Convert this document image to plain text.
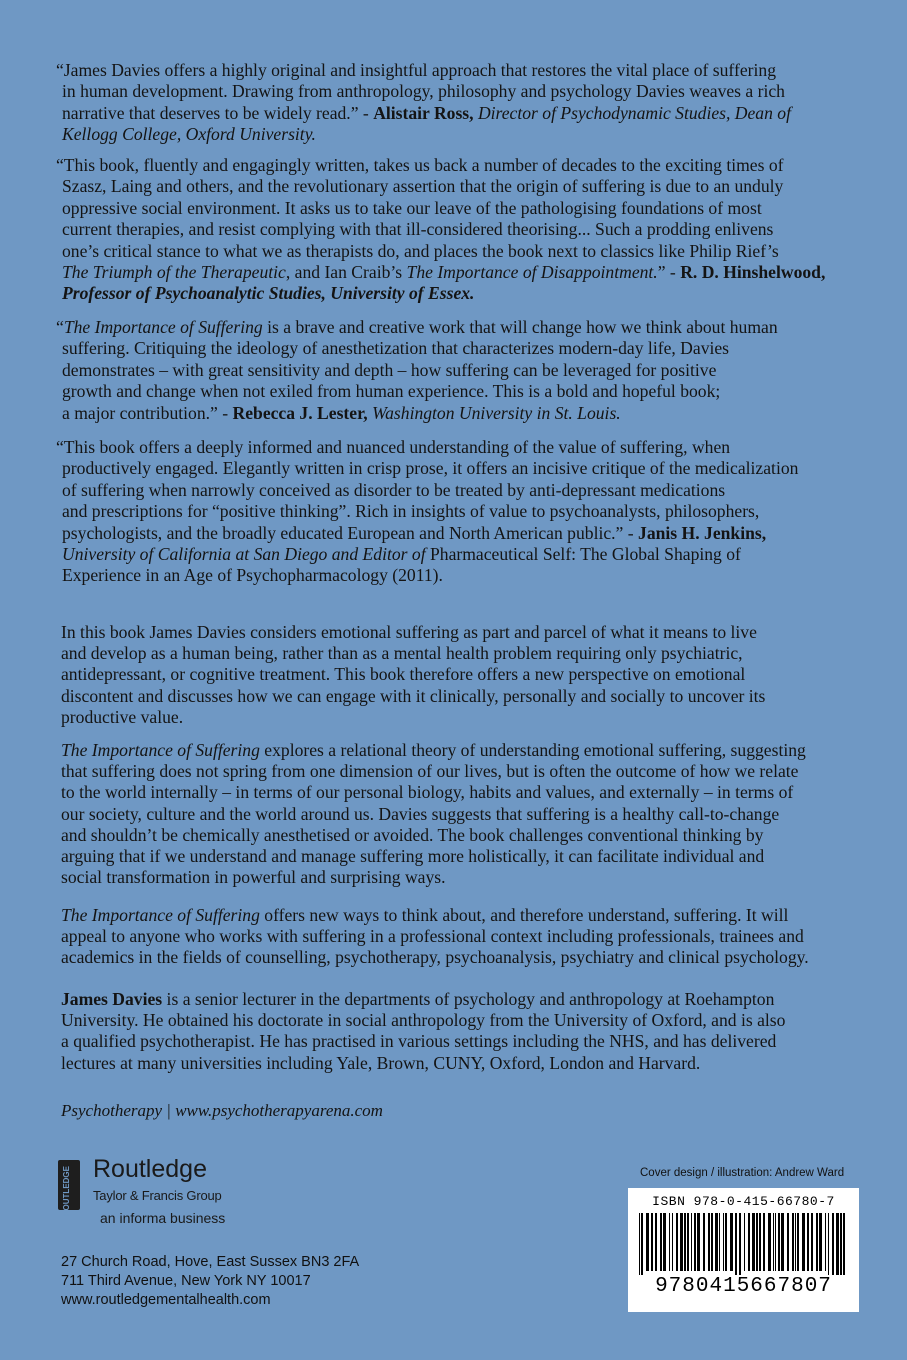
“James Davies offers a highly original and insightful approach that restores the vital place of suffering
in human development. Drawing from anthropology, philosophy and psychology Davies weaves a rich
narrative that deserves to be widely read.” - Alistair Ross, Director of Psychodynamic Studies, Dean of
Kellogg College, Oxford University.
“This book, fluently and engagingly written, takes us back a number of decades to the exciting times of
Szasz, Laing and others, and the revolutionary assertion that the origin of suffering is due to an unduly
oppressive social environment. It asks us to take our leave of the pathologising foundations of most
current therapies, and resist complying with that ill-considered theorising... Such a prodding enlivens
one’s critical stance to what we as therapists do, and places the book next to classics like Philip Rief’s
The Triumph of the Therapeutic, and Ian Craib’s The Importance of Disappointment.” - R. D. Hinshelwood,
Professor of Psychoanalytic Studies, University of Essex.
“The Importance of Suffering is a brave and creative work that will change how we think about human
suffering. Critiquing the ideology of anesthetization that characterizes modern-day life, Davies
demonstrates – with great sensitivity and depth – how suffering can be leveraged for positive
growth and change when not exiled from human experience. This is a bold and hopeful book;
a major contribution.” - Rebecca J. Lester, Washington University in St. Louis.
“This book offers a deeply informed and nuanced understanding of the value of suffering, when
productively engaged. Elegantly written in crisp prose, it offers an incisive critique of the medicalization
of suffering when narrowly conceived as disorder to be treated by anti-depressant medications
and prescriptions for “positive thinking”. Rich in insights of value to psychoanalysts, philosophers,
psychologists, and the broadly educated European and North American public.” - Janis H. Jenkins,
University of California at San Diego and Editor of Pharmaceutical Self: The Global Shaping of
Experience in an Age of Psychopharmacology (2011).
In this book James Davies considers emotional suffering as part and parcel of what it means to live
and develop as a human being, rather than as a mental health problem requiring only psychiatric,
antidepressant, or cognitive treatment. This book therefore offers a new perspective on emotional
discontent and discusses how we can engage with it clinically, personally and socially to uncover its
productive value.
The Importance of Suffering explores a relational theory of understanding emotional suffering, suggesting
that suffering does not spring from one dimension of our lives, but is often the outcome of how we relate
to the world internally – in terms of our personal biology, habits and values, and externally – in terms of
our society, culture and the world around us. Davies suggests that suffering is a healthy call-to-change
and shouldn’t be chemically anesthetised or avoided. The book challenges conventional thinking by
arguing that if we understand and manage suffering more holistically, it can facilitate individual and
social transformation in powerful and surprising ways.
The Importance of Suffering offers new ways to think about, and therefore understand, suffering. It will
appeal to anyone who works with suffering in a professional context including professionals, trainees and
academics in the fields of counselling, psychotherapy, psychoanalysis, psychiatry and clinical psychology.
James Davies is a senior lecturer in the departments of psychology and anthropology at Roehampton
University. He obtained his doctorate in social anthropology from the University of Oxford, and is also
a qualified psychotherapist. He has practised in various settings including the NHS, and has delivered
lectures at many universities including Yale, Brown, CUNY, Oxford, London and Harvard.
Psychotherapy | www.psychotherapyarena.com
ROUTLEDGE Routledge
Taylor & Francis Group
an informa business
27 Church Road, Hove, East Sussex BN3 2FA
711 Third Avenue, New York NY 10017
www.routledgementalhealth.com
Cover design / illustration: Andrew Ward
ISBN 978-0-415-66780-7
9780415667807
